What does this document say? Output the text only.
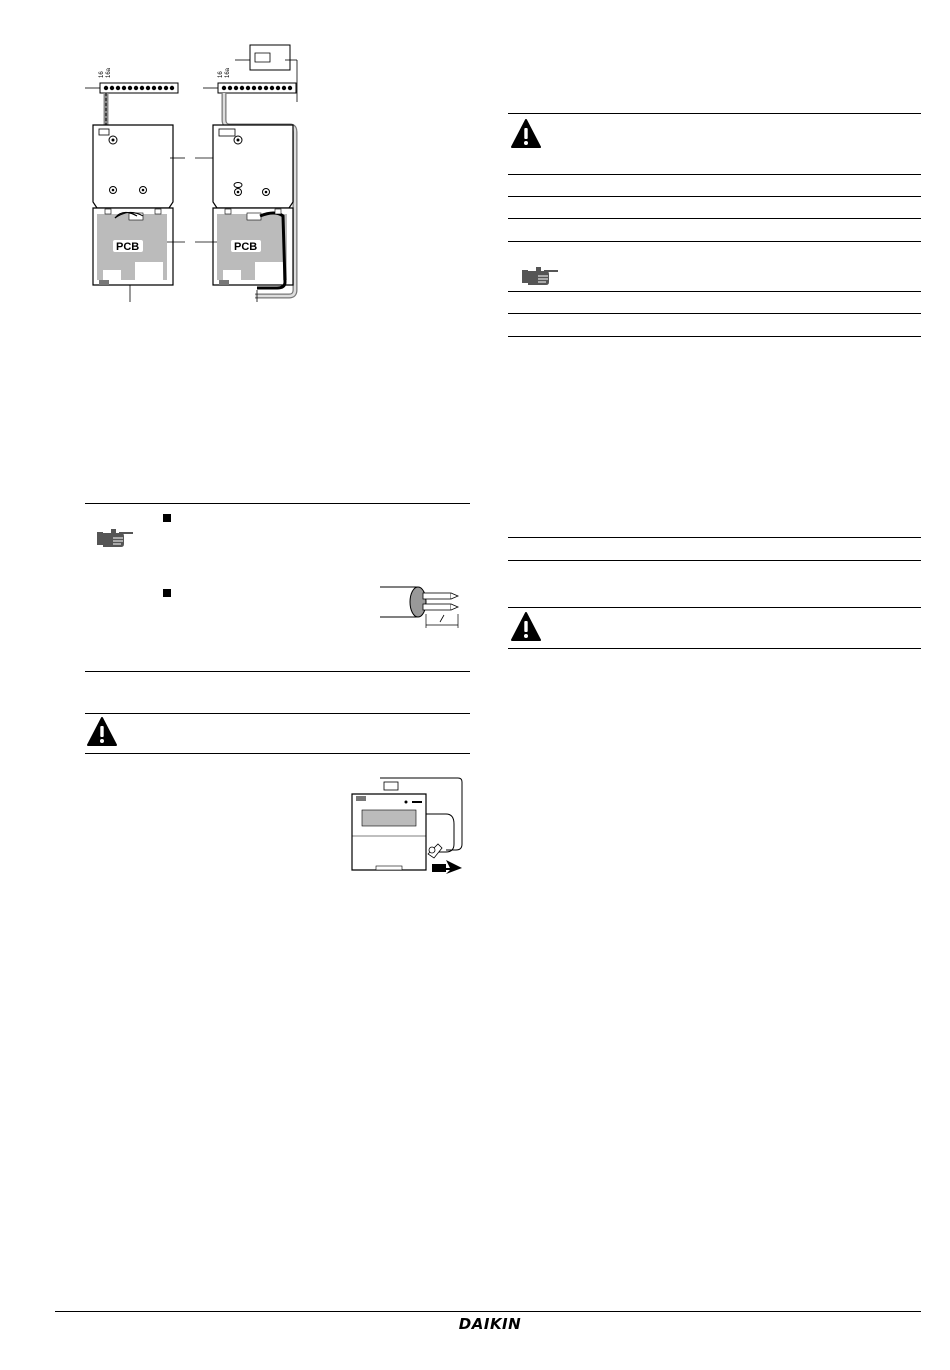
16 16a
PCB
16 16a
PCB
DAIKIN
